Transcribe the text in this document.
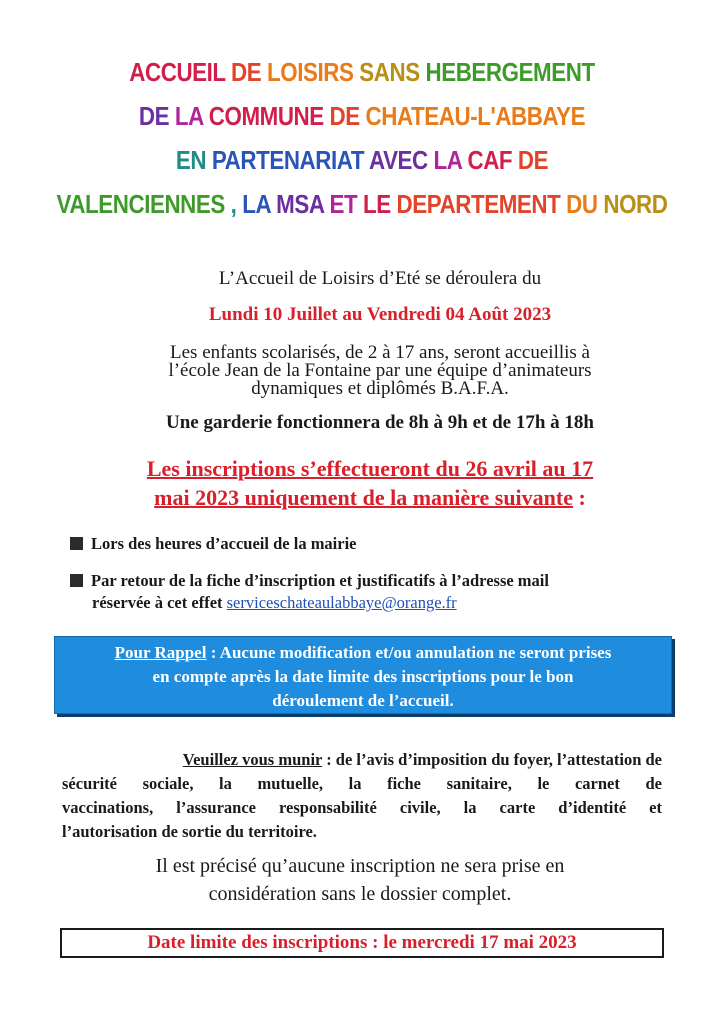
ACCUEIL DE LOISIRS SANS HEBERGEMENT
DE LA COMMUNE DE CHATEAU-L'ABBAYE
EN PARTENARIAT AVEC LA CAF DE
VALENCIENNES , LA MSA ET LE DEPARTEMENT DU NORD
L’Accueil de Loisirs d’Eté se déroulera du
Lundi 10 Juillet au Vendredi 04 Août 2023
Les enfants scolarisés, de 2 à 17 ans, seront accueillis à
l’école Jean de la Fontaine par une équipe d’animateurs
dynamiques et diplômés B.A.F.A.
Une garderie fonctionnera de 8h à 9h et de 17h à 18h
Les inscriptions s’effectueront du 26 avril au 17
mai 2023 uniquement de la manière suivante :
Lors des heures d’accueil de la mairie
Par retour de la fiche d’inscription et justificatifs à l’adresse mail
réservée à cet effet serviceschateaulabbaye@orange.fr
Pour Rappel : Aucune modification et/ou annulation ne seront prises
en compte après la date limite des inscriptions pour le bon
déroulement de l’accueil.
Veuillez vous munir : de l’avis d’imposition du foyer, l’attestation de
sécurité sociale, la mutuelle, la fiche sanitaire, le carnet de
vaccinations, l’assurance responsabilité civile, la carte d’identité et
l’autorisation de sortie du territoire.
Il est précisé qu’aucune inscription ne sera prise en
considération sans le dossier complet.
Date limite des inscriptions : le mercredi 17 mai 2023
